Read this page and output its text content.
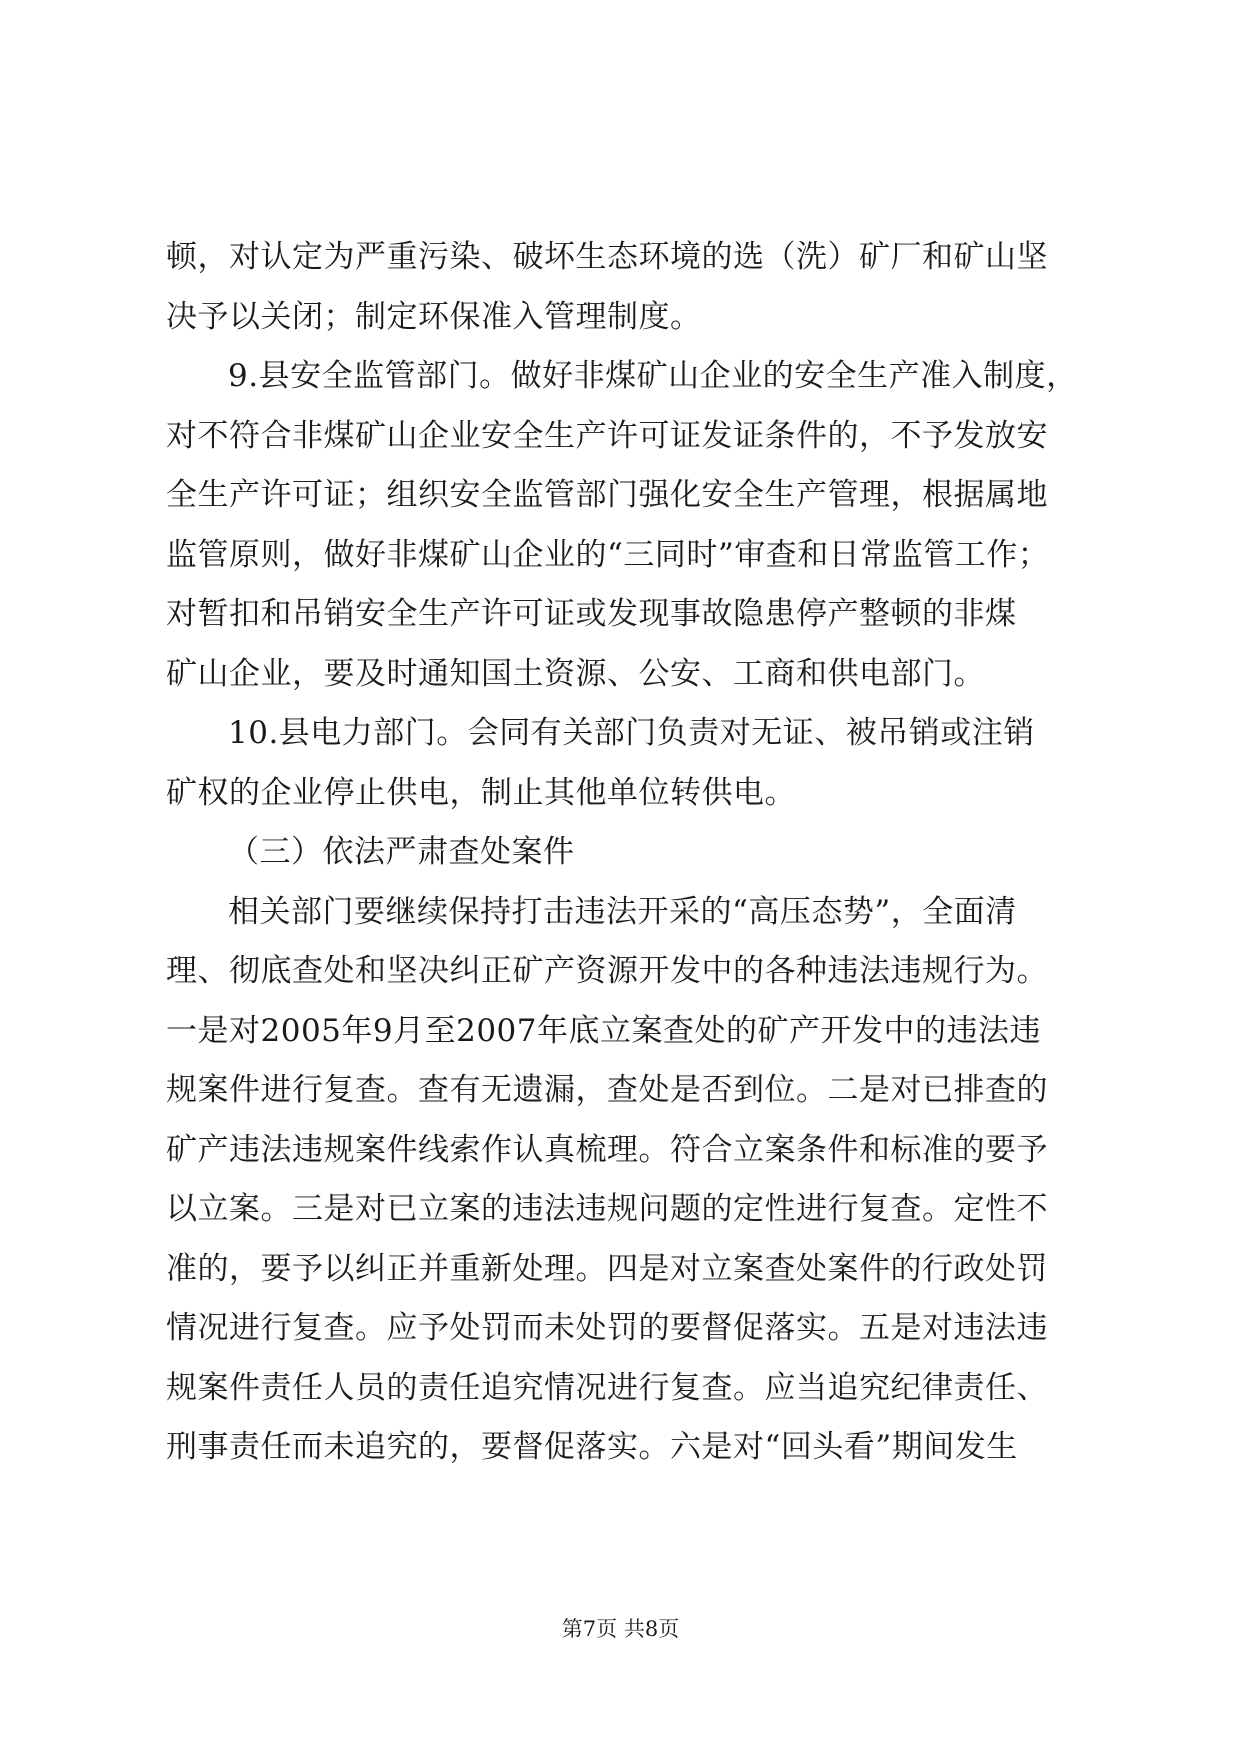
顿，对认定为严重污染、破坏生态环境的选（洗）矿厂和矿山坚
决予以关闭；制定环保准入管理制度。
9.县安全监管部门。做好非煤矿山企业的安全生产准入制度，
对不符合非煤矿山企业安全生产许可证发证条件的，不予发放安
全生产许可证；组织安全监管部门强化安全生产管理，根据属地
监管原则，做好非煤矿山企业的“三同时”审查和日常监管工作；
对暂扣和吊销安全生产许可证或发现事故隐患停产整顿的非煤
矿山企业，要及时通知国土资源、公安、工商和供电部门。
10.县电力部门。会同有关部门负责对无证、被吊销或注销
矿权的企业停止供电，制止其他单位转供电。
（三）依法严肃查处案件
相关部门要继续保持打击违法开采的“高压态势”，全面清
理、彻底查处和坚决纠正矿产资源开发中的各种违法违规行为。
一是对2005年9月至2007年底立案查处的矿产开发中的违法违
规案件进行复查。查有无遗漏，查处是否到位。二是对已排查的
矿产违法违规案件线索作认真梳理。符合立案条件和标准的要予
以立案。三是对已立案的违法违规问题的定性进行复查。定性不
准的，要予以纠正并重新处理。四是对立案查处案件的行政处罚
情况进行复查。应予处罚而未处罚的要督促落实。五是对违法违
规案件责任人员的责任追究情况进行复查。应当追究纪律责任、
刑事责任而未追究的，要督促落实。六是对“回头看”期间发生
第7页 共8页
